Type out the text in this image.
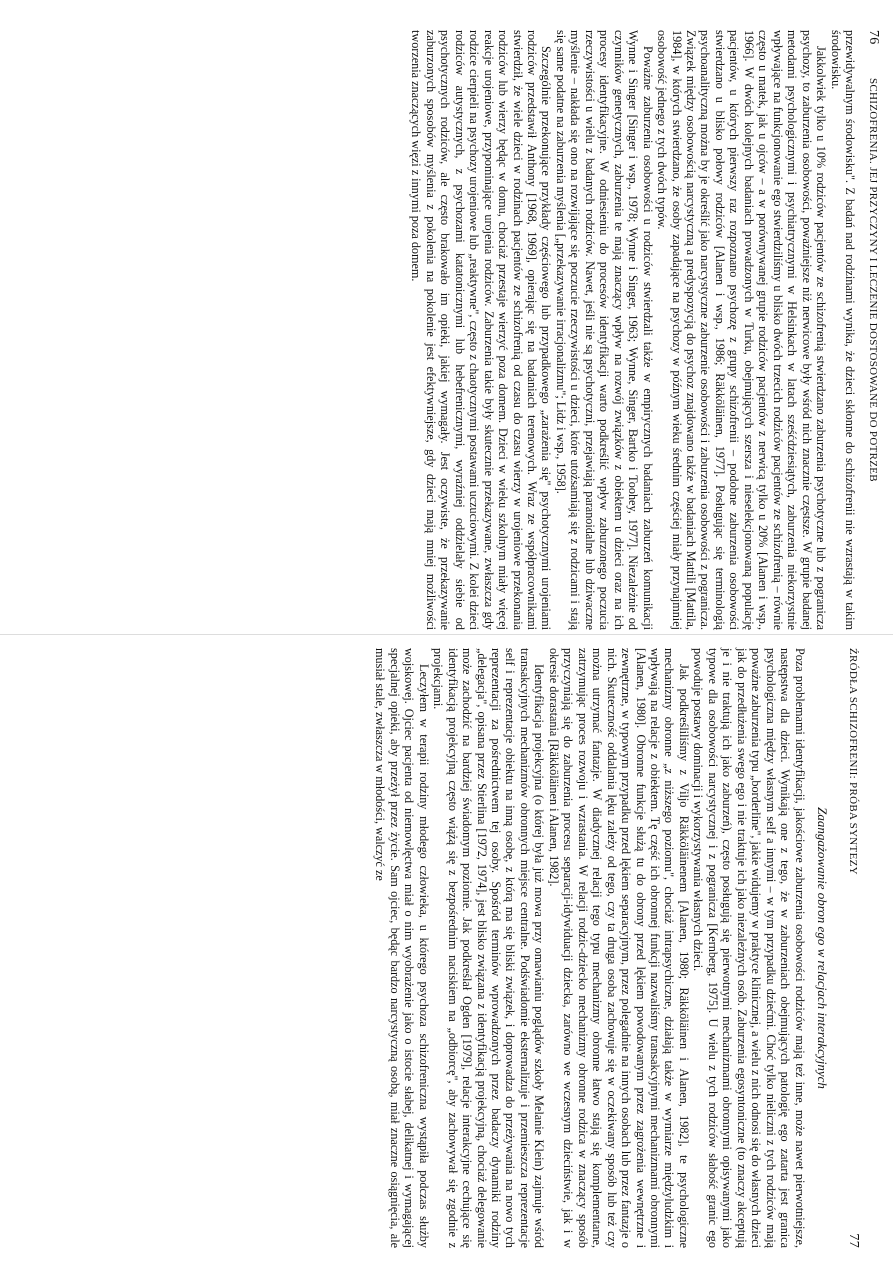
76
SCHIZOFRENIA. JEJ PRZYCZYNY I LECZENIE DOSTOSOWANE DO POTRZEB

przewidywalnym środowisku". Z badań nad rodzinami wynika, że dzieci skłonne do schizofrenii nie wzrastają w takim środowisku.

Jakkolwiek tylko u 10% rodziców pacjentów ze schizofrenią stwierdzano zaburzenia psychotyczne lub z pogranicza psychozy, to zaburzenia osobowości, poważniejsze niż nerwicowe były wśród nich znacznie częstsze. W grupie badanej metodami psychologicznymi i psychiatrycznymi w Helsinkach w latach sześćdziesiątych, zaburzenia niekorzystnie wpływające na funkcjonowanie ego stwierdziliśmy u blisko dwóch trzecich rodziców pacjentów ze schizofrenią – równie często u matek, jak u ojców – a w porównywanej grupie rodziców pacjentów z nerwicą tylko u 20% [Alanen i wsp., 1966]. W dwóch kolejnych badaniach prowadzonych w Turku, obejmujących szersza i nieselekcjonowaną populację pacjentów, u których pierwszy raz rozpoznano psychozę z grupy schizofrenii – podobne zaburzenia osobowości stwierdzano u blisko połowy rodziców [Alanen i wsp., 1986; Räkköläinen, 1977]. Posługując się terminologią psychoanalityczną można by je określić jako narcystyczne zaburzenie osobowości i zaburzenia osobowości z pogranicza. Związek między osobowością narcystyczną a predyspozycją do psychoz znajdowano także w badaniach Mattili [Mattila, 1984], w których stwierdzano, że osoby zapadające na psychozy w późnym wieku średnim częściej miały przynajmniej osobowość jednego z tych dwóch typów.

Poważne zaburzenia osobowości u rodziców stwierdzali także w empirycznych badaniach zaburzeń komunikacji Wynne i Singer [Singer i wsp., 1978; Wynne i Singer, 1963; Wynne, Singer, Bartko i Toohey, 1977]. Niezależnie od czynników genetycznych, zaburzenia te mają znaczący wpływ na rozwój związków z obiektem u dzieci oraz na ich procesy identyfikacyjne. W odniesieniu do procesów identyfikacji warto podkreślić wpływ zaburzonego poczucia rzeczywistości u wielu z badanych rodziców. Nawet, jeśli nie są psychotyczni, przejawiają paranoidalne lub dziwaczne myślenie – nakłada się ono na rozwijające się poczucie rzeczywistości u dzieci, które utożsamiają się z rodzicami i stają się same podatne na zaburzenia myślenia [„przekazywanie irracjonalizmu"; Lidz i wsp., 1958].

Szczególnie przekonujące przykłady częściowego lub przypadkowego „zarażenia się" psychotycznymi urojeniami rodziców przedstawił Anthony [1968, 1969], opierając się na badaniach terenowych. Wraz ze współpracownikami stwierdził, że wiele dzieci w rodzinach pacjentów ze schizofrenią od czasu do czasu wierzy w urojeniowe przekonania rodziców lub wierzy będąc w domu, chociaż przestaje wierzyć poza domem. Dzieci w wieku szkolnym miały więcej reakcje urojeniowe, przypominające urojenia rodziców. Zaburzenia takie były skutecznie przekazywane, zwłaszcza gdy rodzice cierpieli na psychozy urojeniowe lub „reaktywne", często z chaotycznymi postawami uczuciowymi. Z kolei dzieci rodziców autystycznych, z psychozami katatonicznymi lub hebefrenicznymi, wyraźniej oddzielały siebie od psychotycznych rodziców, ale często brakowało im opieki, jakiej wymagały. Jest oczywiste, że przekazywanie zaburzonych sposobów myślenia z pokolenia na pokolenie jest efektywniejsze, gdy dzieci mają mniej możliwości tworzenia znaczących więzi z innymi poza domem.

ŹRÓDŁA SCHIZOFRENII: PRÓBA SYNTEZY
77
Zaangażowanie obron ego w relacjach interakcyjnych

Poza problemami identyfikacji, jakościowe zaburzenia osobowości rodziców mają też inne, może nawet pierwotniejsze, następstwa dla dzieci. Wynikają one z tego, że w zaburzeniach obejmujących patologię ego zatarta jest granica psychologiczna między własnym self a innymi – w tym przypadku dziećmi. Choć tylko nieliczni z tych rodziców mają poważne zaburzenia typu „borderline", jakie widujemy w praktyce klinicznej, a wielu z nich odnosi się do własnych dzieci jak do przedłużenia swego ego i nie traktuje ich jako niezależnych osób. Zaburzenia egosyntoniczne (to znaczy akceptują je i nie traktują ich jako zaburzeń), często posługują się pierwotnymi mechanizmami obronnymi opisywanymi jako typowe dla osobowości narcystycznej i z pogranicza [Kernberg, 1975]. U wielu z tych rodziców słabość granic ego powoduje postawy dominacji i wykorzystywania własnych dzieci.

Jak podkreśliliśmy z Viljo Räkköläinenem [Alanen, 1980; Räkköläinen i Alanen, 1982], te psychologiczne mechanizmy obronne „z niższego poziomu", chociaż intrapsychiczne, działają także w wymiarze międzyludzkim i wpływają na relacje z obiektem. Tę część ich obronnej funkcji nazwaliśmy transakcyjnymi mechanizmami obronnymi [Alanen, 1980]. Obronne funkcje służą tu do obrony przed lękiem powodowanym przez zagrożenia wewnętrzne i zewnętrzne, w typowym przypadku przed lękiem separacyjnym, przez polegadnie na innych osobach lub przez fantazje o nich. Skuteczność oddalania lęku zależy od tego, czy ta druga osoba zachowuje się w oczekiwany sposób lub też czy można utrzymać fantazje. W diadycznej relacji tego typu mechanizmy obronne łatwo stają się komplementarne, zatrzymując proces rozwoju i wzrastania. W relacji rodzic-dziecko mechanizmy obronne rodzica w znaczący sposób przyczyniają się do zaburzenia procesu separacji-idywiduacji dziecka, zarówno we wczesnym dzieciństwie, jak i w okresie dorastania [Räkköläinen i Alanen, 1982].

Identyfikacja projekcyjna (o której była już mowa przy omawianiu poglądów szkoły Melanie Klein) zajmuje wśród transakcyjnych mechanizmów obronnych miejsce centralne. Podświadomie eksternalizuje i przemieszcza reprezentacje self i reprezentacje obiektu na inną osobę, z którą ma się bliski związek, i doprowadza do przeżywania na nowo tych reprezentacji za pośrednictwem tej osoby. Spośród terminów wprowadzonych przez badaczy dynamiki rodziny „delegacja", opisana przez Stierlina [1972, 1974], jest blisko związana z identyfikacją projekcyjną, chociaż delegowanie może zachodzić na bardziej świadomym poziomie. Jak podkreślał Ogden [1979], relacje interakcyjne cechujące się identyfikacją projekcyjną często wiążą się z bezpośrednim naciskiem na „odbiorcę", aby zachowywał się zgodnie z projekcjami.

Leczyłem w terapii rodziny młodego człowieka, u którego psychoza schizofreniczna wystąpiła podczas służby wojskowej. Ojciec pacjenta od niemowlęctwa miał o nim wyobrażenie jako o istocie słabej, delikatnej i wymagającej specjalnej opieki, aby przeżył przez życie. Sam ojciec, będąc bardzo narcystyczną osobą, miał znaczne osiągnięcia, ale musiał stale, zwłaszcza w młodości, walczyć ze
